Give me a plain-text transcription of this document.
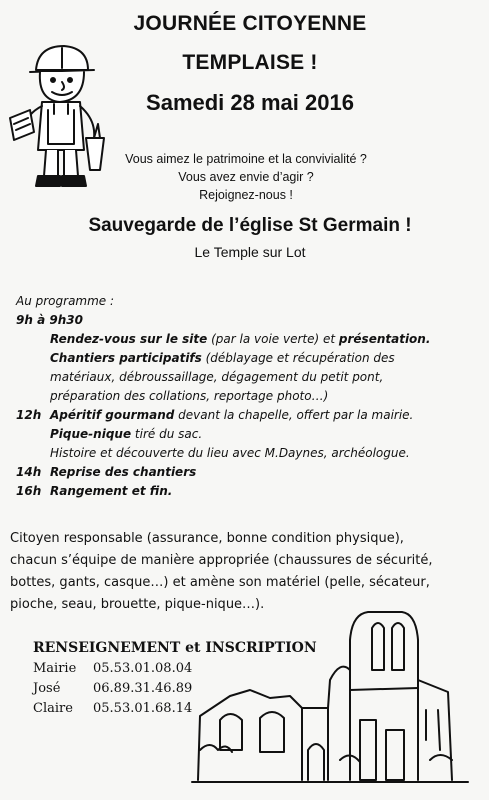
JOURNÉE CITOYENNE
TEMPLAISE !
Samedi 28 mai 2016
Vous aimez le patrimoine et la convivialité ?
Vous avez envie d’agir ?
Rejoignez-nous !
Sauvegarde de l’église St Germain !
Le Temple sur Lot
Au programme :
9h à 9h30
Rendez-vous sur le site (par la voie verte) et présentation.
Chantiers participatifs (déblayage et récupération des
matériaux, débroussaillage, dégagement du petit pont,
préparation des collations, reportage photo…)
12h Apéritif gourmand devant la chapelle, offert par la mairie.
Pique-nique tiré du sac.
Histoire et découverte du lieu avec M.Daynes, archéologue.
14h Reprise des chantiers
16h Rangement et fin.
Citoyen responsable (assurance, bonne condition physique),
chacun s’équipe de manière appropriée (chaussures de sécurité,
bottes, gants, casque…) et amène son matériel (pelle, sécateur,
pioche, seau, brouette, pique-nique…).
RENSEIGNEMENT et INSCRIPTION
Mairie 05.53.01.08.04
José	06.89.31.46.89
Claire 05.53.01.68.14
